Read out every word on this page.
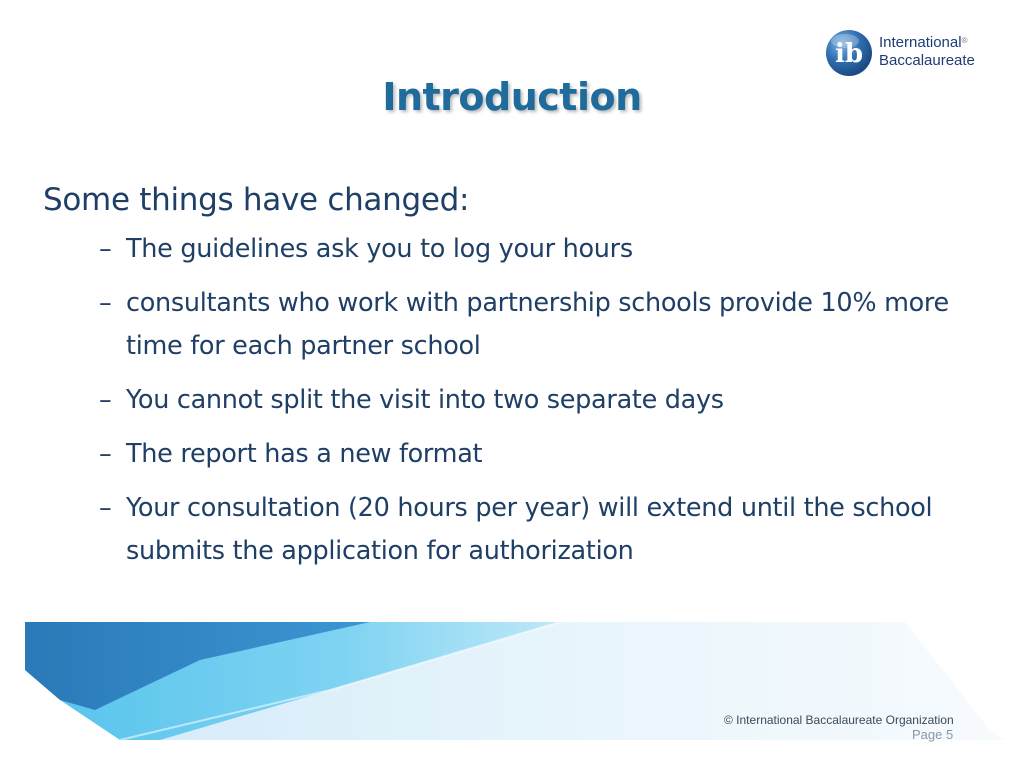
ib International®
Baccalaureate
Introduction
Some things have changed:
– The guidelines ask you to log your hours
– consultants who work with partnership schools provide 10% more time for each partner school
– You cannot split the visit into two separate days
– The report has a new format
– Your consultation (20 hours per year) will extend until the school submits the application for authorization
© International Baccalaureate Organization
Page 5
